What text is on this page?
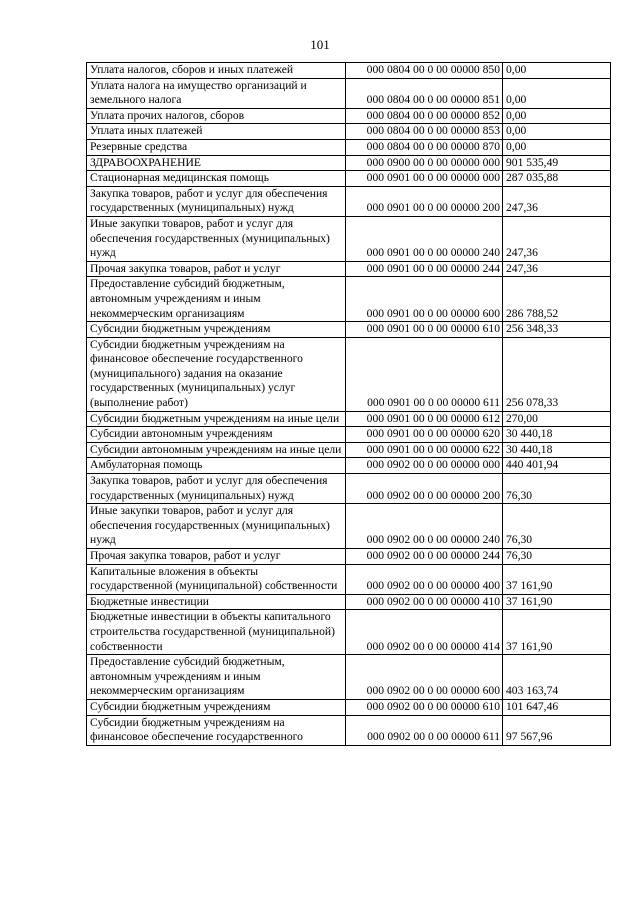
101
Уплата налогов, сборов и иных платежей	000 0804 00 0 00 00000 850	0,00
Уплата налога на имущество организаций и земельного налога	000 0804 00 0 00 00000 851	0,00
Уплата прочих налогов, сборов	000 0804 00 0 00 00000 852	0,00
Уплата иных платежей	000 0804 00 0 00 00000 853	0,00
Резервные средства	000 0804 00 0 00 00000 870	0,00
ЗДРАВООХРАНЕНИЕ	000 0900 00 0 00 00000 000	901 535,49
Стационарная медицинская помощь	000 0901 00 0 00 00000 000	287 035,88
Закупка товаров, работ и услуг для обеспечения государственных (муниципальных) нужд	000 0901 00 0 00 00000 200	247,36
Иные закупки товаров, работ и услуг для обеспечения государственных (муниципальных) нужд	000 0901 00 0 00 00000 240	247,36
Прочая закупка товаров, работ и услуг	000 0901 00 0 00 00000 244	247,36
Предоставление субсидий бюджетным, автономным учреждениям и иным некоммерческим организациям	000 0901 00 0 00 00000 600	286 788,52
Субсидии бюджетным учреждениям	000 0901 00 0 00 00000 610	256 348,33
Субсидии бюджетным учреждениям на финансовое обеспечение государственного (муниципального) задания на оказание государственных (муниципальных) услуг (выполнение работ)	000 0901 00 0 00 00000 611	256 078,33
Субсидии бюджетным учреждениям на иные цели	000 0901 00 0 00 00000 612	270,00
Субсидии автономным учреждениям	000 0901 00 0 00 00000 620	30 440,18
Субсидии автономным учреждениям на иные цели	000 0901 00 0 00 00000 622	30 440,18
Амбулаторная помощь	000 0902 00 0 00 00000 000	440 401,94
Закупка товаров, работ и услуг для обеспечения государственных (муниципальных) нужд	000 0902 00 0 00 00000 200	76,30
Иные закупки товаров, работ и услуг для обеспечения государственных (муниципальных) нужд	000 0902 00 0 00 00000 240	76,30
Прочая закупка товаров, работ и услуг	000 0902 00 0 00 00000 244	76,30
Капитальные вложения в объекты государственной (муниципальной) собственности	000 0902 00 0 00 00000 400	37 161,90
Бюджетные инвестиции	000 0902 00 0 00 00000 410	37 161,90
Бюджетные инвестиции в объекты капитального строительства государственной (муниципальной) собственности	000 0902 00 0 00 00000 414	37 161,90
Предоставление субсидий бюджетным, автономным учреждениям и иным некоммерческим организациям	000 0902 00 0 00 00000 600	403 163,74
Субсидии бюджетным учреждениям	000 0902 00 0 00 00000 610	101 647,46
Субсидии бюджетным учреждениям на финансовое обеспечение государственного	000 0902 00 0 00 00000 611	97 567,96
